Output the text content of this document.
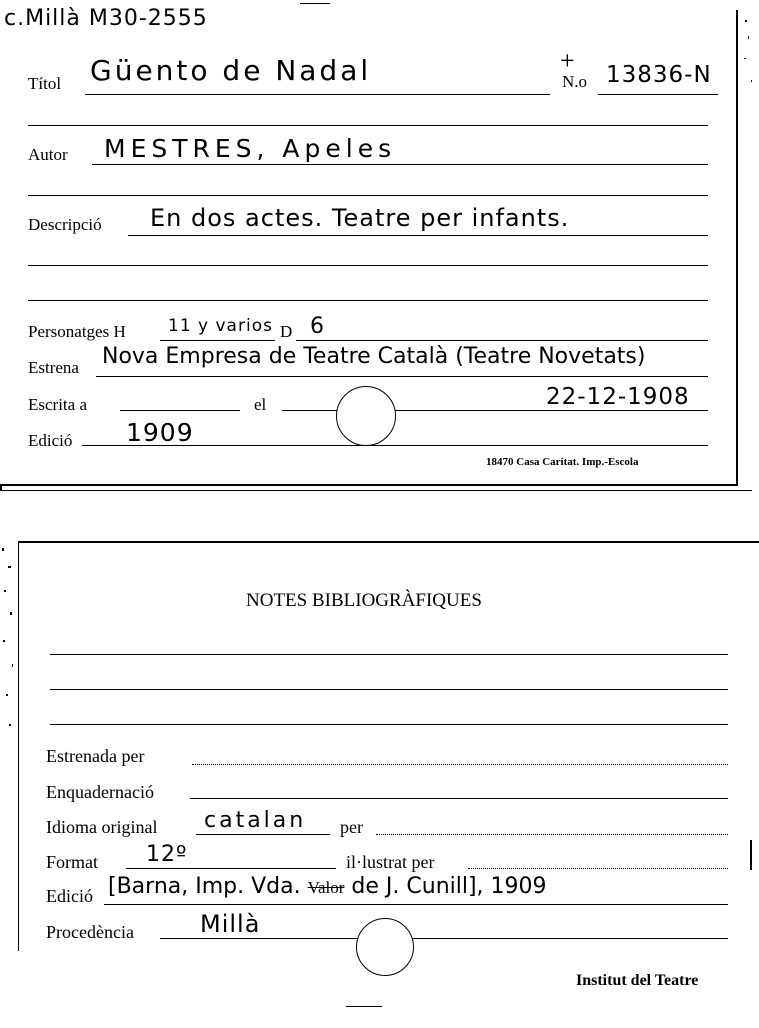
c.Millà M30-2555
Títol Güento de Nadal	+
N.o 13836-N
Autor MESTRES, Apeles
Descripció En dos actes. Teatre per infants.
Personatges H 11 y varios D 6
Estrena Nova Empresa de Teatre Català (Teatre Novetats)
Escrita a	el	22-12-1908
Edició 1909
18470 Casa Caritat. Imp.-Escola
NOTES BIBLIOGRÀFIQUES
Estrenada per
Enquadernació
Idioma original catalan per
Format 12º	il·lustrat per
Edició [Barna, Imp. Vda. Valor de J. Cunill], 1909
Procedència	Millà
Institut del Teatre
